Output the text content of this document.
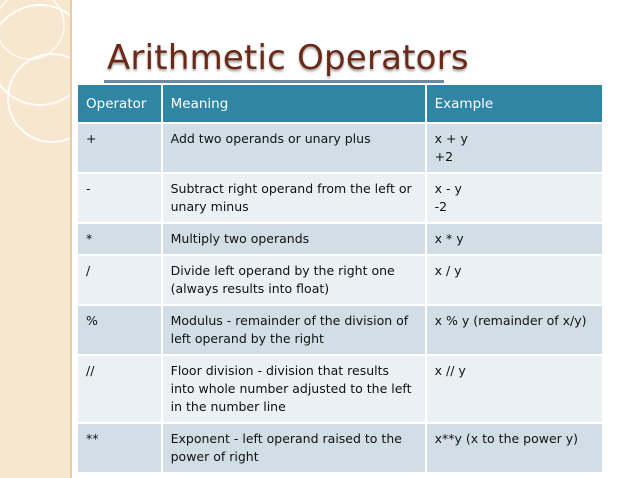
Arithmetic Operators
Operator	Meaning	Example
+	Add two operands or unary plus	x + y
+2

-	Subtract right operand from the left or unary minus	x - y
-2

*	Multiply two operands	x * y
/	Divide left operand by the right one (always results into float)	x / y
%	Modulus - remainder of the division of left operand by the right	x % y (remainder of x/y)
//	Floor division - division that results into whole number adjusted to the left in the number line	x // y
**	Exponent - left operand raised to the power of right	x**y (x to the power y)
